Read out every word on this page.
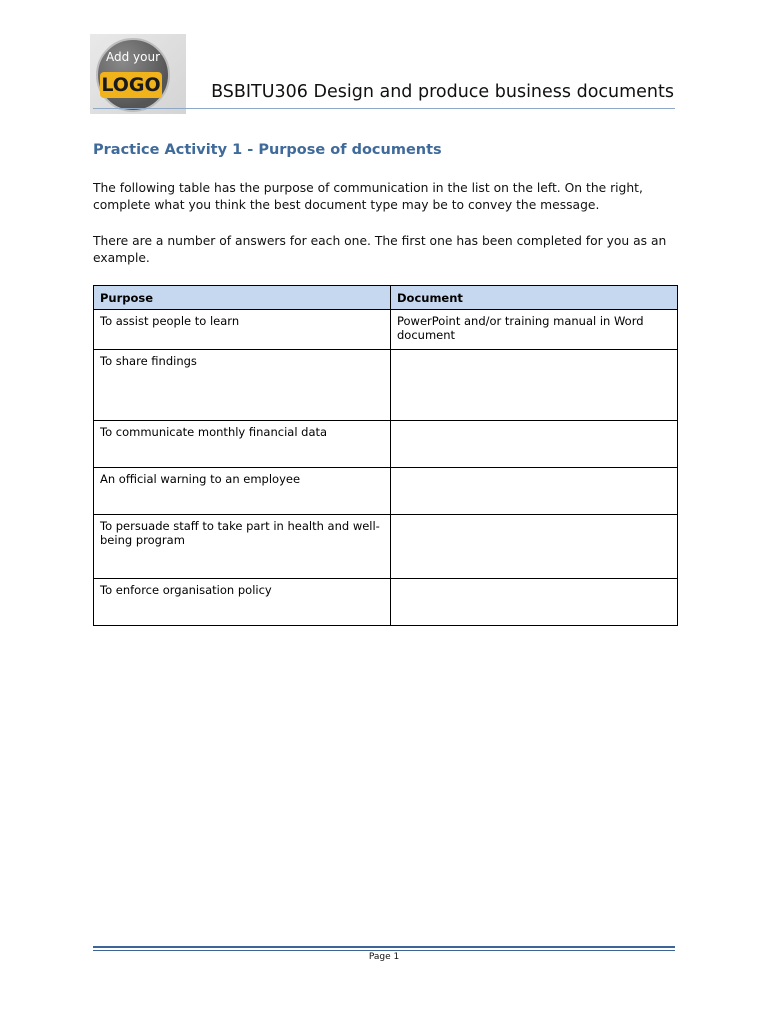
Add your
LOGO	BSBITU306 Design and produce business documents
Practice Activity 1 - Purpose of documents
The following table has the purpose of communication in the list on the left. On the right, complete what you think the best document type may be to convey the message.
There are a number of answers for each one. The first one has been completed for you as an example.
Purpose	Document
To assist people to learn	PowerPoint and/or training manual in Word document
To share findings	
To communicate monthly financial data	
An official warning to an employee	
To persuade staff to take part in health and well-being program	
To enforce organisation policy	
Page 1
